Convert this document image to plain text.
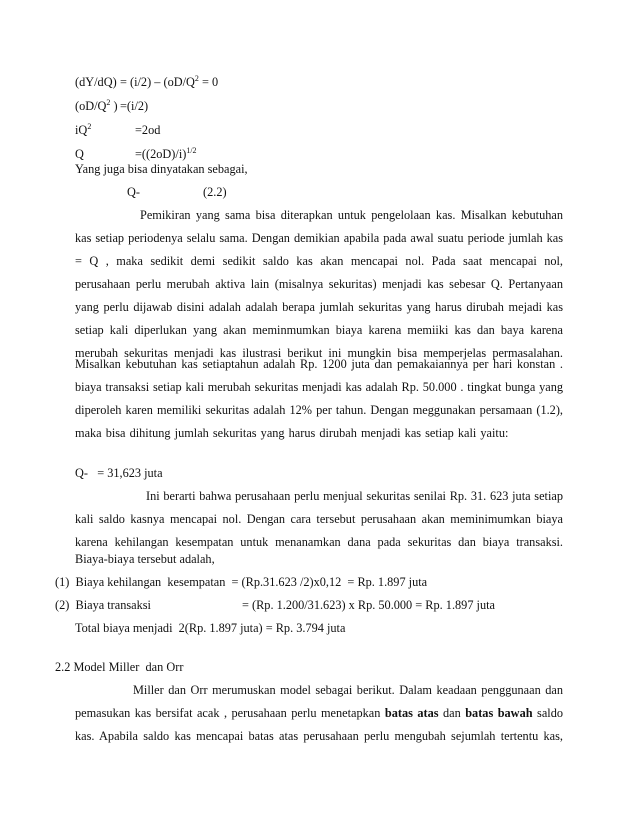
$(dY/dQ) = (i/2) - (oD/Q^2 = 0$
($oD/Q^2$ ) =(i/2)
$iQ^2$	=2od
Q	$=((2oD)/i)^{1/2}$
Yang juga bisa dinyatakan sebagai,
Q-	(2.2)
Pemikiran yang sama bisa diterapkan untuk pengelolaan kas. Misalkan kebutuhan
kas setiap periodenya selalu sama. Dengan demikian apabila pada awal suatu periode jumlah kas
= Q , maka sedikit demi sedikit saldo kas akan mencapai nol. Pada saat mencapai nol,
perusahaan perlu merubah aktiva lain (misalnya sekuritas) menjadi kas sebesar Q. Pertanyaan
yang perlu dijawab disini adalah adalah berapa jumlah sekuritas yang harus dirubah mejadi kas
setiap kali diperlukan yang akan meminmumkan biaya karena memiiki kas dan baya karena
merubah sekuritas menjadi kas ilustrasi berikut ini mungkin bisa memperjelas permasalahan.
Misalkan kebutuhan kas setiaptahun adalah Rp. 1200 juta dan pemakaiannya per hari konstan .
biaya transaksi setiap kali merubah sekuritas menjadi kas adalah Rp. 50.000 . tingkat bunga yang
diperoleh karen memiliki sekuritas adalah 12% per tahun. Dengan meggunakan persamaan (1.2),
maka bisa dihitung jumlah sekuritas yang harus dirubah menjadi kas setiap kali yaitu:
Q-   = 31,623 juta
Ini berarti bahwa perusahaan perlu menjual sekuritas senilai Rp. 31. 623 juta setiap
kali saldo kasnya mencapai nol. Dengan cara tersebut perusahaan akan meminimumkan biaya
karena kehilangan kesempatan untuk menanamkan dana pada sekuritas dan biaya transaksi.
Biaya-biaya tersebut adalah,
(1)  Biaya kehilangan  kesempatan  = (Rp.31.623 /2)x0,12  = Rp. 1.897 juta
(2)  Biaya transaksi	= (Rp. 1.200/31.623) x Rp. 50.000 = Rp. 1.897 juta
Total biaya menjadi  2(Rp. 1.897 juta) = Rp. 3.794 juta
2.2 Model Miller  dan Orr
Miller dan Orr merumuskan model sebagai berikut. Dalam keadaan penggunaan dan
pemasukan kas bersifat acak , perusahaan perlu menetapkan batas atas dan batas bawah saldo
kas. Apabila saldo kas mencapai batas atas perusahaan perlu mengubah sejumlah tertentu kas,
